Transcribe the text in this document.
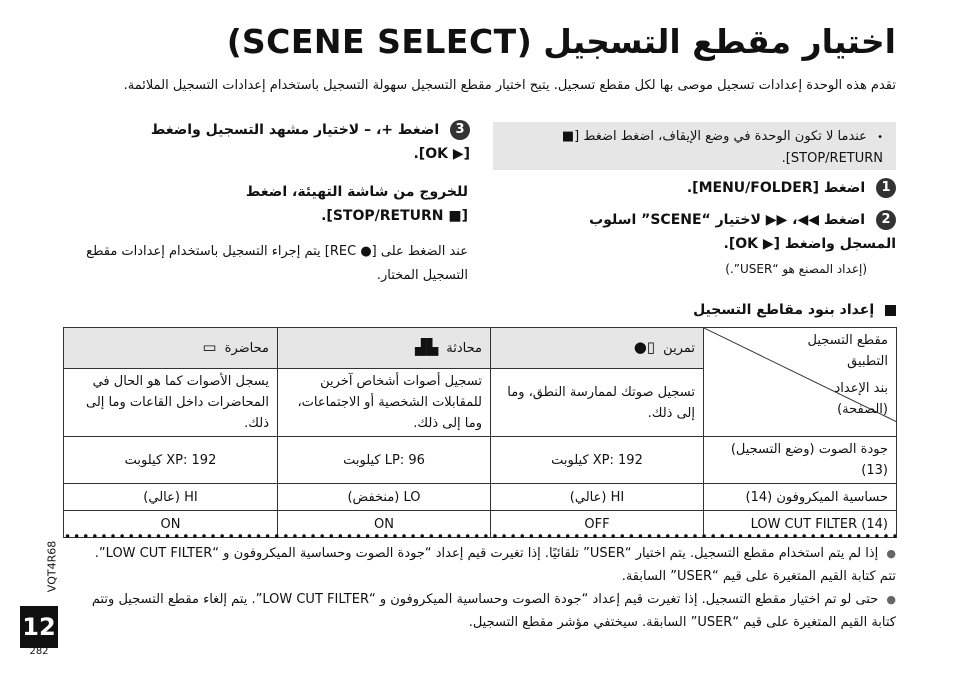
اختيار مقطع التسجيل (SCENE SELECT)
تقدم هذه الوحدة إعدادات تسجيل موصى بها لكل مقطع تسجيل. يتيح اختيار مقطع التسجيل سهولة التسجيل باستخدام إعدادات التسجيل الملائمة.
• عندما لا تكون الوحدة في وضع الإيقاف، اضغط اضغط [■ STOP/RETURN].
1 اضغط [MENU/FOLDER].
2 اضغط ◀◀، ▶▶ لاختيار “SCENE” اسلوب
المسجل واضغط [▶ OK].
(إعداد المصنع هو “USER”.)
3 اضغط +، – لاختيار مشهد التسجيل واضغط
[▶ OK].
للخروج من شاشة التهيئة، اضغط
[■ STOP/RETURN].
عند الضغط على [● REC] يتم إجراء التسجيل باستخدام إعدادات مقطع التسجيل المختار.
إعداد بنود مقاطع التسجيل
مقطع التسجيل التطبيق
بند الإعداد (الصفحة)	تمرين ▯●	محادثة ▙▟	محاضرة ▭
	تسجيل صوتك لممارسة النطق، وما إلى ذلك.	تسجيل أصوات أشخاص آخرين للمقابلات الشخصية أو الاجتماعات، وما إلى ذلك.	يسجل الأصوات كما هو الحال في المحاضرات داخل القاعات وما إلى ذلك.
جودة الصوت (وضع التسجيل) (13)	XP: 192 كيلوبت	LP: 96 كيلوبت	XP: 192 كيلوبت
حساسية الميكروفون (14)	HI (عالي)	LO (منخفض)	HI (عالي)
LOW CUT FILTER (14)	OFF	ON	ON
● إذا لم يتم استخدام مقطع التسجيل. يتم اختيار “USER” تلقائيًا. إذا تغيرت قيم إعداد “جودة الصوت وحساسية الميكروفون و “LOW CUT FILTER”. تتم كتابة القيم المتغيرة على قيم “USER” السابقة.
● حتى لو تم اختيار مقطع التسجيل. إذا تغيرت قيم إعداد “جودة الصوت وحساسية الميكروفون و “LOW CUT FILTER”. يتم إلغاء مقطع التسجيل وتتم كتابة القيم المتغيرة على قيم “USER” السابقة. سيختفي مؤشر مقطع التسجيل.
VQT4R68
12
282
